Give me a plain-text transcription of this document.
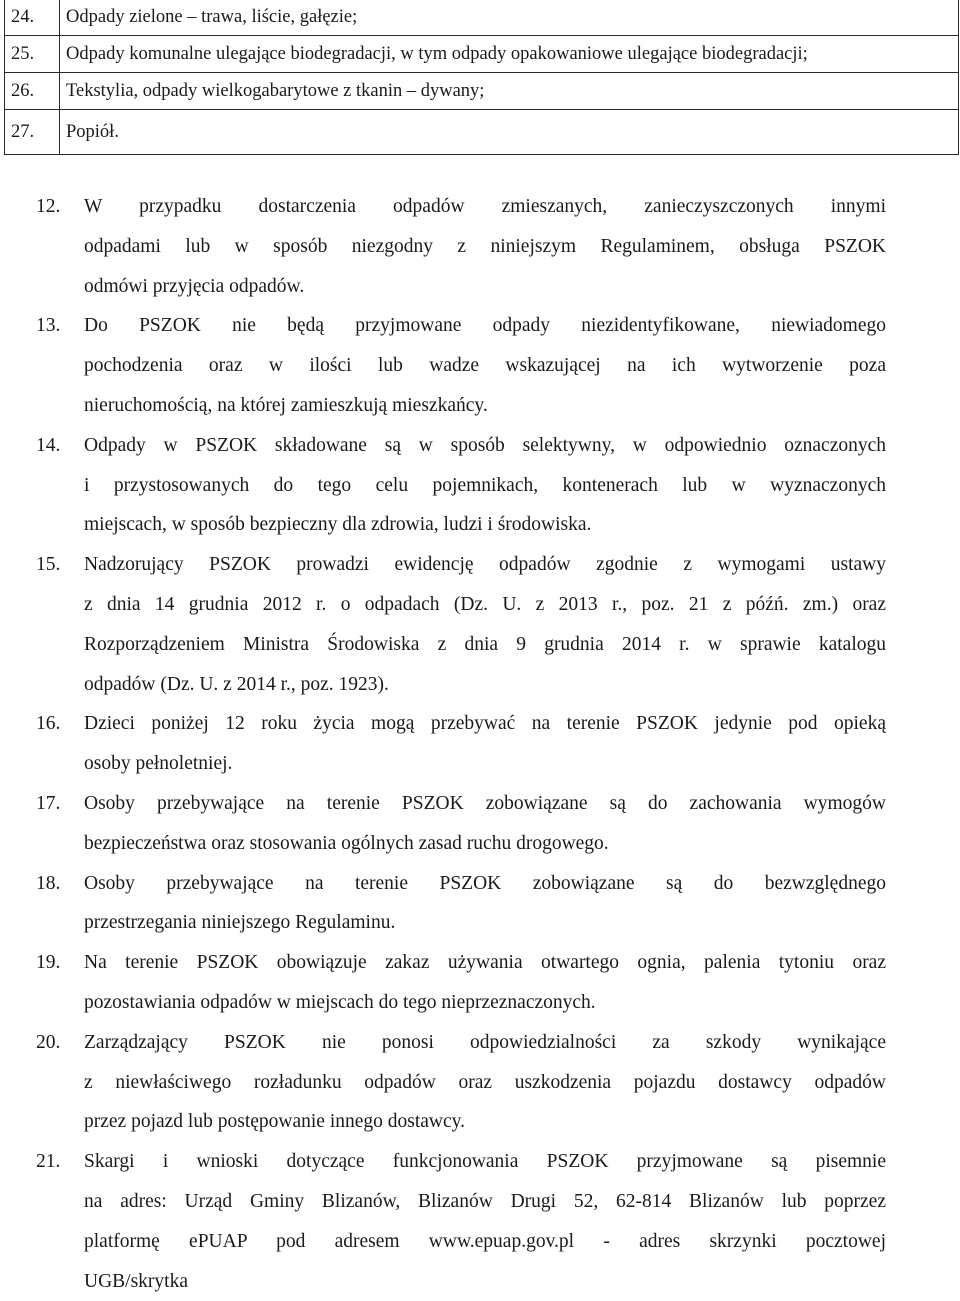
24.	Odpady zielone – trawa, liście, gałęzie;
25.	Odpady komunalne ulegające biodegradacji, w tym odpady opakowaniowe ulegające biodegradacji;
26.	Tekstylia, odpady wielkogabarytowe z tkanin – dywany;
27.	Popiół.
12.	W przypadku dostarczenia odpadów zmieszanych, zanieczyszczonych innymi
odpadami lub w sposób niezgodny z niniejszym Regulaminem, obsługa PSZOK
odmówi przyjęcia odpadów.
13.	Do PSZOK nie będą przyjmowane odpady niezidentyfikowane, niewiadomego
pochodzenia oraz w ilości lub wadze wskazującej na ich wytworzenie poza
nieruchomością, na której zamieszkują mieszkańcy.
14.	Odpady w PSZOK składowane są w sposób selektywny, w odpowiednio oznaczonych
i przystosowanych do tego celu pojemnikach, kontenerach lub w wyznaczonych
miejscach, w sposób bezpieczny dla zdrowia, ludzi i środowiska.
15.	Nadzorujący PSZOK prowadzi ewidencję odpadów zgodnie z wymogami ustawy
z dnia 14 grudnia 2012 r. o odpadach (Dz. U. z 2013 r., poz. 21 z późń. zm.) oraz
Rozporządzeniem Ministra Środowiska z dnia 9 grudnia 2014 r. w sprawie katalogu
odpadów (Dz. U. z 2014 r., poz. 1923).
16.	Dzieci poniżej 12 roku życia mogą przebywać na terenie PSZOK jedynie pod opieką
osoby pełnoletniej.
17.	Osoby przebywające na terenie PSZOK zobowiązane są do zachowania wymogów
bezpieczeństwa oraz stosowania ogólnych zasad ruchu drogowego.
18.	Osoby przebywające na terenie PSZOK zobowiązane są do bezwzględnego
przestrzegania niniejszego Regulaminu.
19.	Na terenie PSZOK obowiązuje zakaz używania otwartego ognia, palenia tytoniu oraz
pozostawiania odpadów w miejscach do tego nieprzeznaczonych.
20.	Zarządzający PSZOK nie ponosi odpowiedzialności za szkody wynikające
z niewłaściwego rozładunku odpadów oraz uszkodzenia pojazdu dostawcy odpadów
przez pojazd lub postępowanie innego dostawcy.
21.	Skargi i wnioski dotyczące funkcjonowania PSZOK przyjmowane są pisemnie
na adres: Urząd Gminy Blizanów, Blizanów Drugi 52, 62-814 Blizanów lub poprzez
platformę ePUAP pod adresem www.epuap.gov.pl - adres skrzynki pocztowej
UGB/skrytka
